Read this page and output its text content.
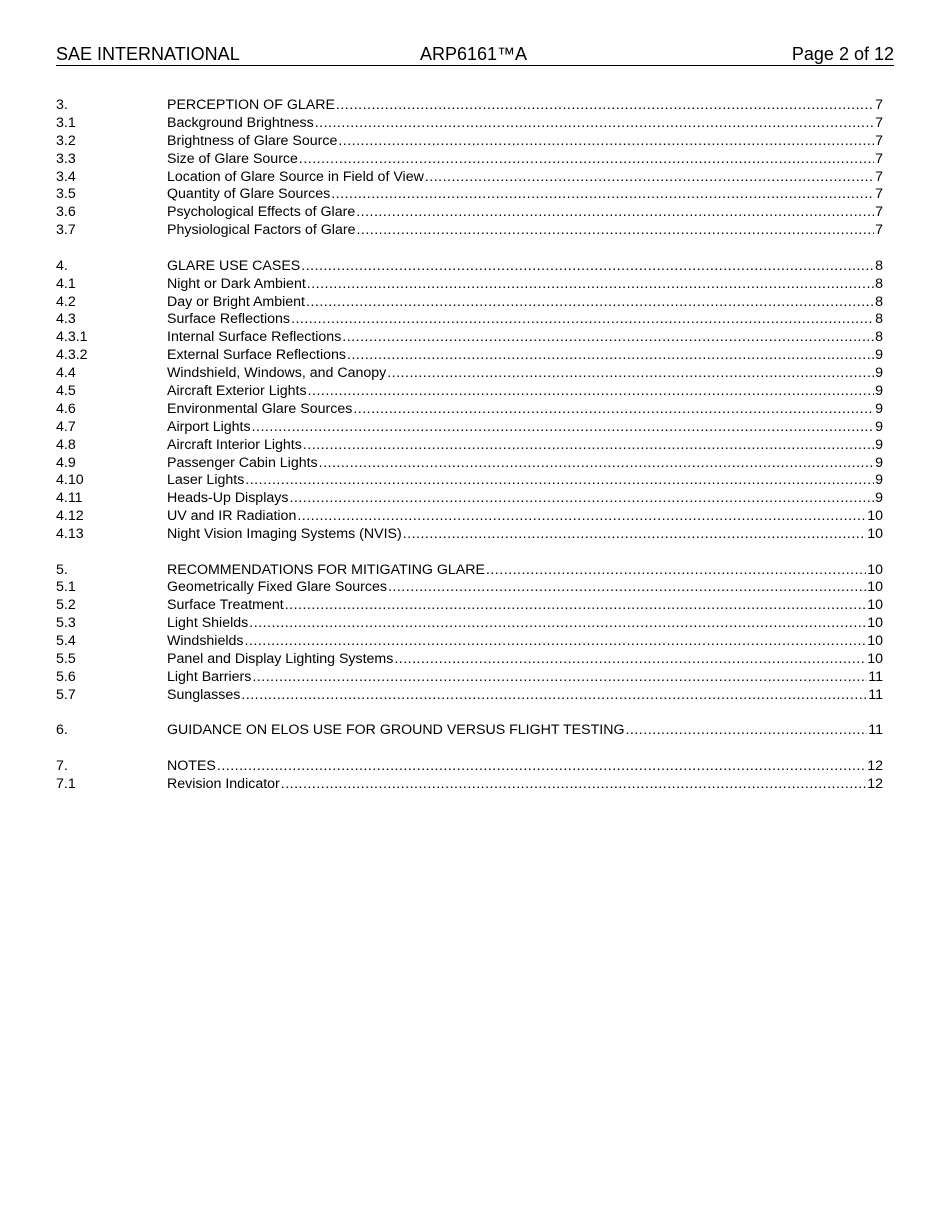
SAE INTERNATIONAL	ARP6161™A	Page 2 of 12
3.	PERCEPTION OF GLARE .....	7
3.1	Background Brightness .....	7
3.2	Brightness of Glare Source .....	7
3.3	Size of Glare Source .....	7
3.4	Location of Glare Source in Field of View .....	7
3.5	Quantity of Glare Sources .....	7
3.6	Psychological Effects of Glare .....	7
3.7	Physiological Factors of Glare .....	7
4.	GLARE USE CASES .....	8
4.1	Night or Dark Ambient .....	8
4.2	Day or Bright Ambient .....	8
4.3	Surface Reflections .....	8
4.3.1	Internal Surface Reflections .....	8
4.3.2	External Surface Reflections .....	9
4.4	Windshield, Windows, and Canopy .....	9
4.5	Aircraft Exterior Lights .....	9
4.6	Environmental Glare Sources .....	9
4.7	Airport Lights .....	9
4.8	Aircraft Interior Lights .....	9
4.9	Passenger Cabin Lights .....	9
4.10	Laser Lights .....	9
4.11	Heads-Up Displays .....	9
4.12	UV and IR Radiation .....	10
4.13	Night Vision Imaging Systems (NVIS) .....	10
5.	RECOMMENDATIONS FOR MITIGATING GLARE .....	10
5.1	Geometrically Fixed Glare Sources .....	10
5.2	Surface Treatment .....	10
5.3	Light Shields .....	10
5.4	Windshields .....	10
5.5	Panel and Display Lighting Systems .....	10
5.6	Light Barriers .....	11
5.7	Sunglasses .....	11
6.	GUIDANCE ON ELOS USE FOR GROUND VERSUS FLIGHT TESTING .....	11
7.	NOTES .....	12
7.1	Revision Indicator .....	12
